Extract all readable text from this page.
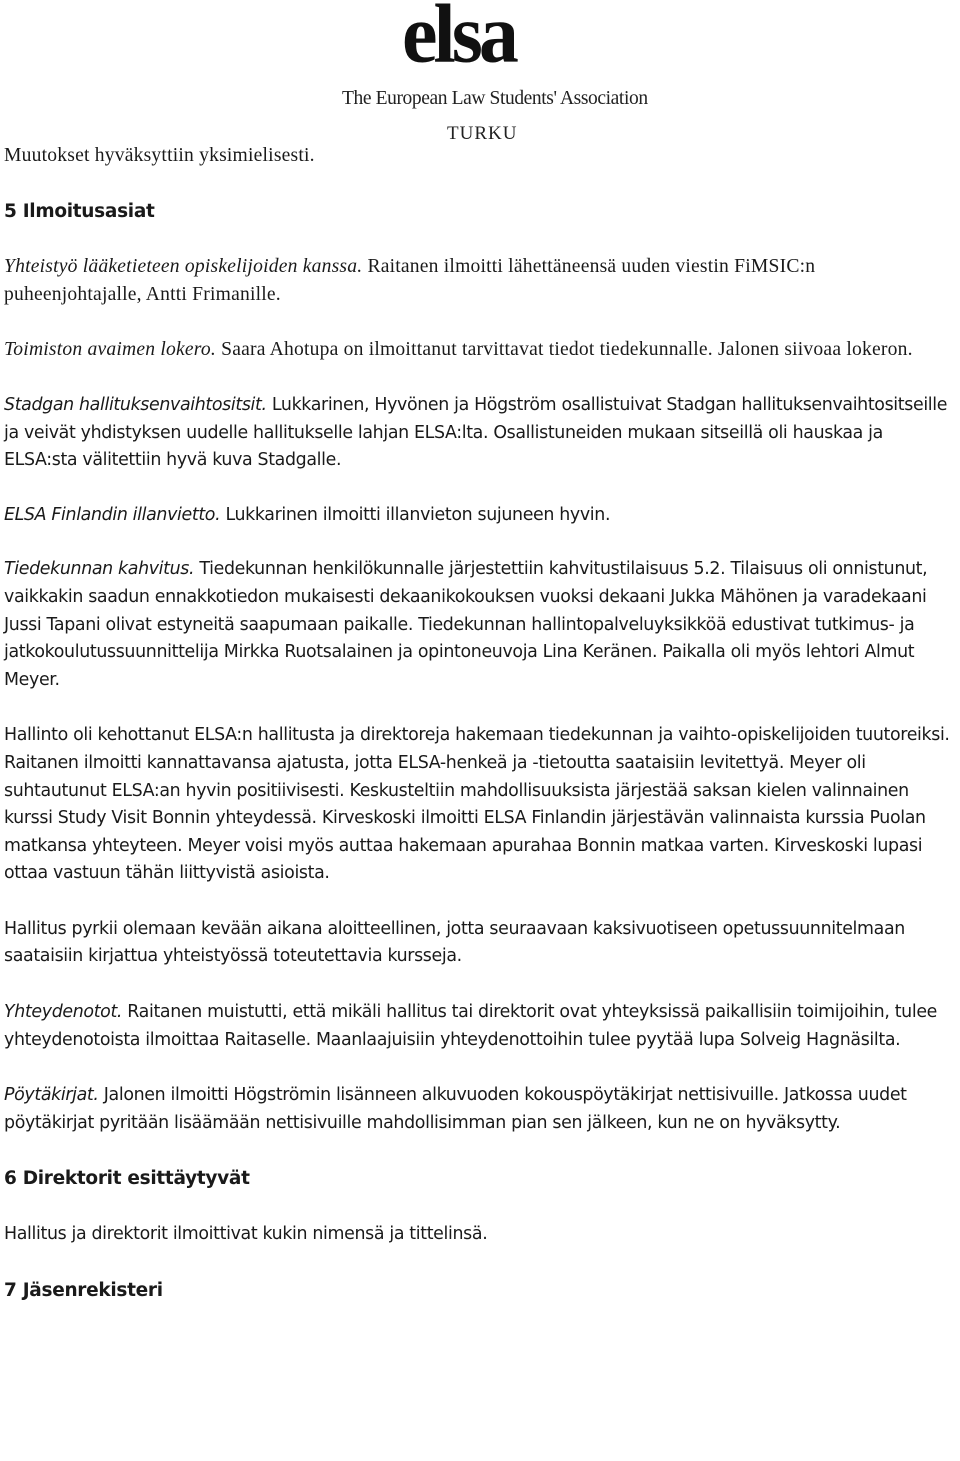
elsa
The European Law Students' Association
TURKU

Muutokset hyväksyttiin yksimielisesti.

5 Ilmoitusasiat

Yhteistyö lääketieteen opiskelijoiden kanssa. Raitanen ilmoitti lähettäneensä uuden viestin FiMSIC:n puheenjohtajalle, Antti Frimanille.

Toimiston avaimen lokero. Saara Ahotupa on ilmoittanut tarvittavat tiedot tiedekunnalle. Jalonen siivoaa lokeron.

Stadgan hallituksenvaihtositsit. Lukkarinen, Hyvönen ja Högström osallistuivat Stadgan hallituksenvaihtositseille ja veivät yhdistyksen uudelle hallitukselle lahjan ELSA:lta. Osallistuneiden mukaan sitseillä oli hauskaa ja ELSA:sta välitettiin hyvä kuva Stadgalle.

ELSA Finlandin illanvietto. Lukkarinen ilmoitti illanvieton sujuneen hyvin.

Tiedekunnan kahvitus. Tiedekunnan henkilökunnalle järjestettiin kahvitustilaisuus 5.2. Tilaisuus oli onnistunut, vaikkakin saadun ennakkotiedon mukaisesti dekaanikokouksen vuoksi dekaani Jukka Mähönen ja varadekaani Jussi Tapani olivat estyneitä saapumaan paikalle. Tiedekunnan hallintopalveluyksikköä edustivat tutkimus- ja jatkokoulutussuunnittelija Mirkka Ruotsalainen ja opintoneuvoja Lina Keränen. Paikalla oli myös lehtori Almut Meyer.

Hallinto oli kehottanut ELSA:n hallitusta ja direktoreja hakemaan tiedekunnan ja vaihto-opiskelijoiden tuutoreiksi. Raitanen ilmoitti kannattavansa ajatusta, jotta ELSA-henkeä ja -tietoutta saataisiin levitettyä. Meyer oli suhtautunut ELSA:an hyvin positiivisesti. Keskusteltiin mahdollisuuksista järjestää saksan kielen valinnainen kurssi Study Visit Bonnin yhteydessä. Kirveskoski ilmoitti ELSA Finlandin järjestävän valinnaista kurssia Puolan matkansa yhteyteen. Meyer voisi myös auttaa hakemaan apurahaa Bonnin matkaa varten. Kirveskoski lupasi ottaa vastuun tähän liittyvistä asioista.

Hallitus pyrkii olemaan kevään aikana aloitteellinen, jotta seuraavaan kaksivuotiseen opetussuunnitelmaan saataisiin kirjattua yhteistyössä toteutettavia kursseja.

Yhteydenotot. Raitanen muistutti, että mikäli hallitus tai direktorit ovat yhteyksissä paikallisiin toimijoihin, tulee yhteydenotoista ilmoittaa Raitaselle. Maanlaajuisiin yhteydenottoihin tulee pyytää lupa Solveig Hagnäsilta.

Pöytäkirjat. Jalonen ilmoitti Högströmin lisänneen alkuvuoden kokouspöytäkirjat nettisivuille. Jatkossa uudet pöytäkirjat pyritään lisäämään nettisivuille mahdollisimman pian sen jälkeen, kun ne on hyväksytty.

6 Direktorit esittäytyvät

Hallitus ja direktorit ilmoittivat kukin nimensä ja tittelinsä.

7 Jäsenrekisteri
